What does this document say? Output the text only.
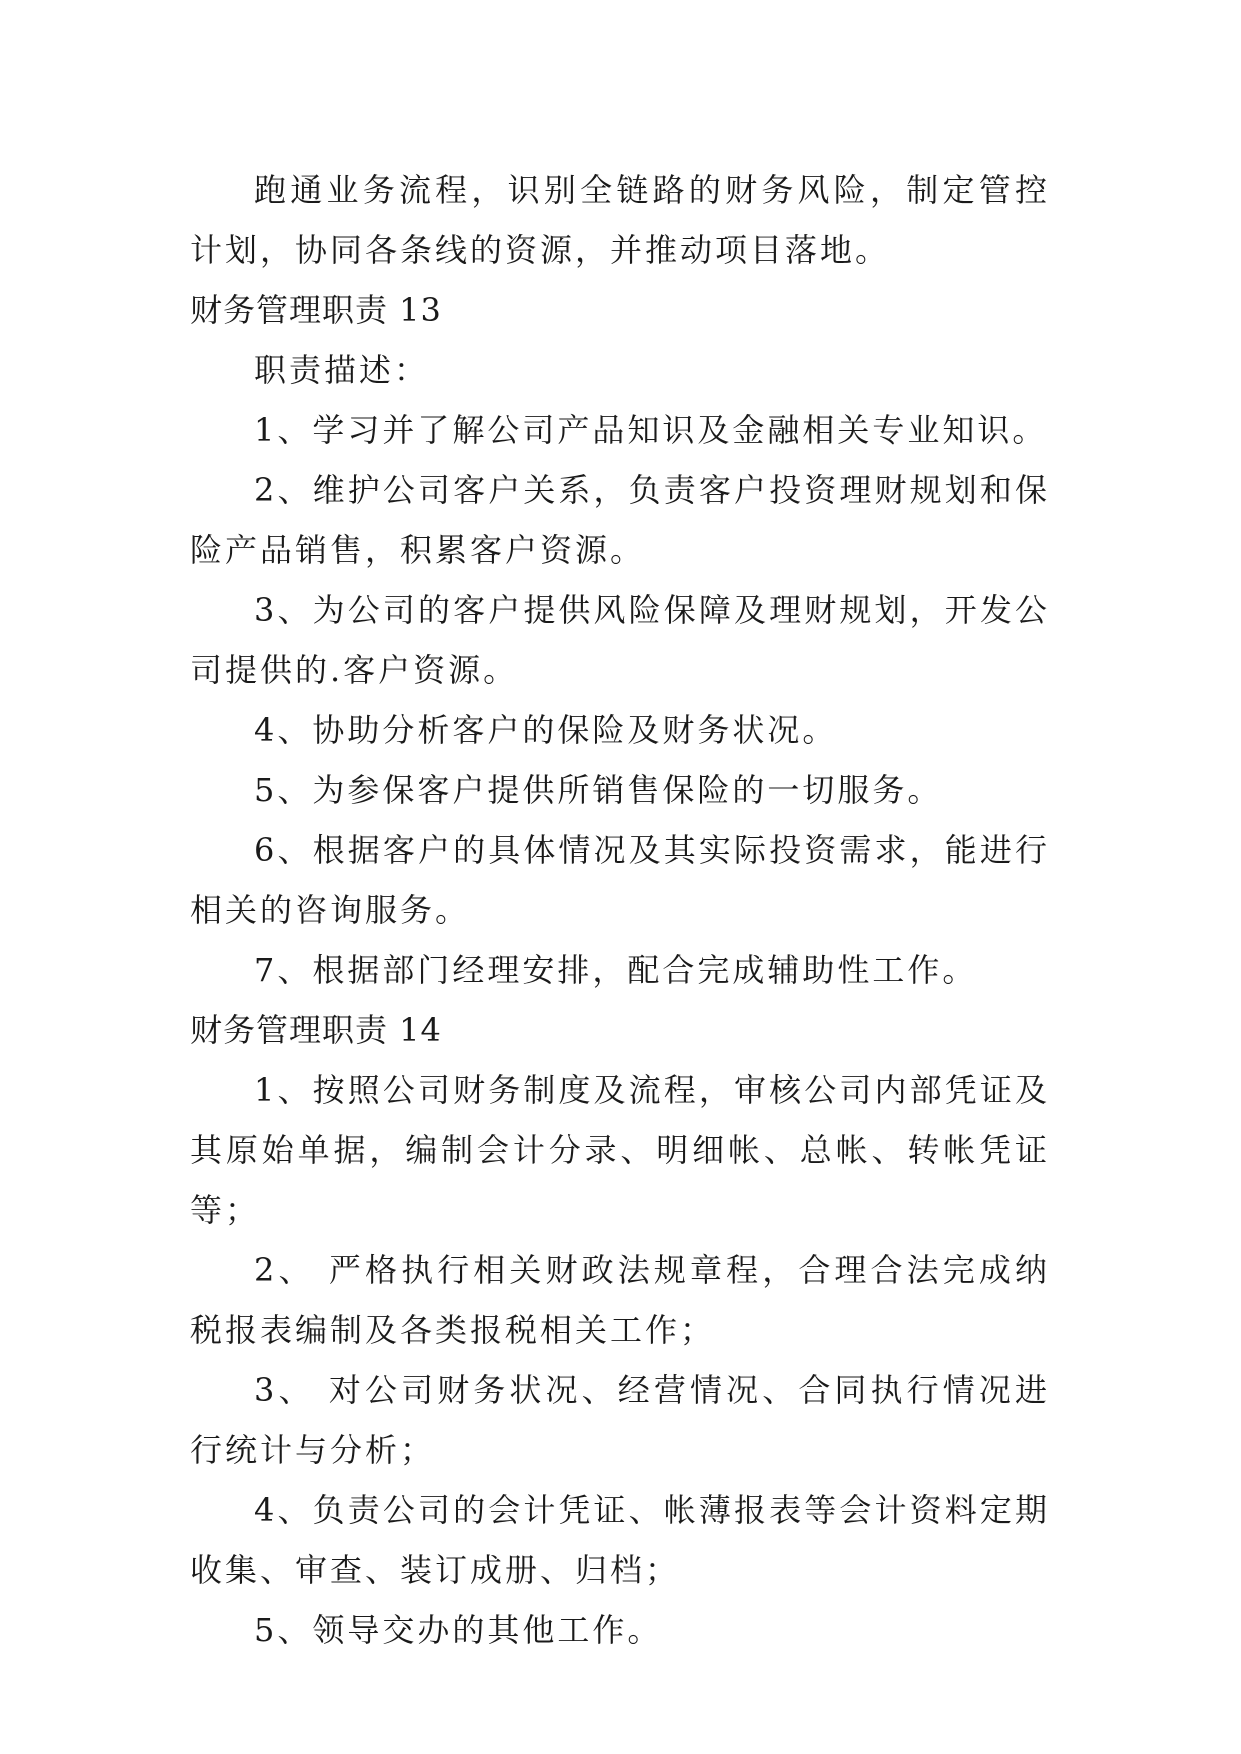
跑通业务流程，识别全链路的财务风险，制定管控计划，协同各条线的资源，并推动项目落地。

财务管理职责 13

职责描述：

1、学习并了解公司产品知识及金融相关专业知识。

2、维护公司客户关系，负责客户投资理财规划和保险产品销售，积累客户资源。

3、为公司的客户提供风险保障及理财规划，开发公司提供的.客户资源。

4、协助分析客户的保险及财务状况。

5、为参保客户提供所销售保险的一切服务。

6、根据客户的具体情况及其实际投资需求，能进行相关的咨询服务。

7、根据部门经理安排，配合完成辅助性工作。

财务管理职责 14

1、按照公司财务制度及流程，审核公司内部凭证及其原始单据，编制会计分录、明细帐、总帐、转帐凭证等；

2、 严格执行相关财政法规章程，合理合法完成纳税报表编制及各类报税相关工作；

3、 对公司财务状况、经营情况、合同执行情况进行统计与分析；

4、负责公司的会计凭证、帐薄报表等会计资料定期收集、审查、装订成册、归档；

5、领导交办的其他工作。
